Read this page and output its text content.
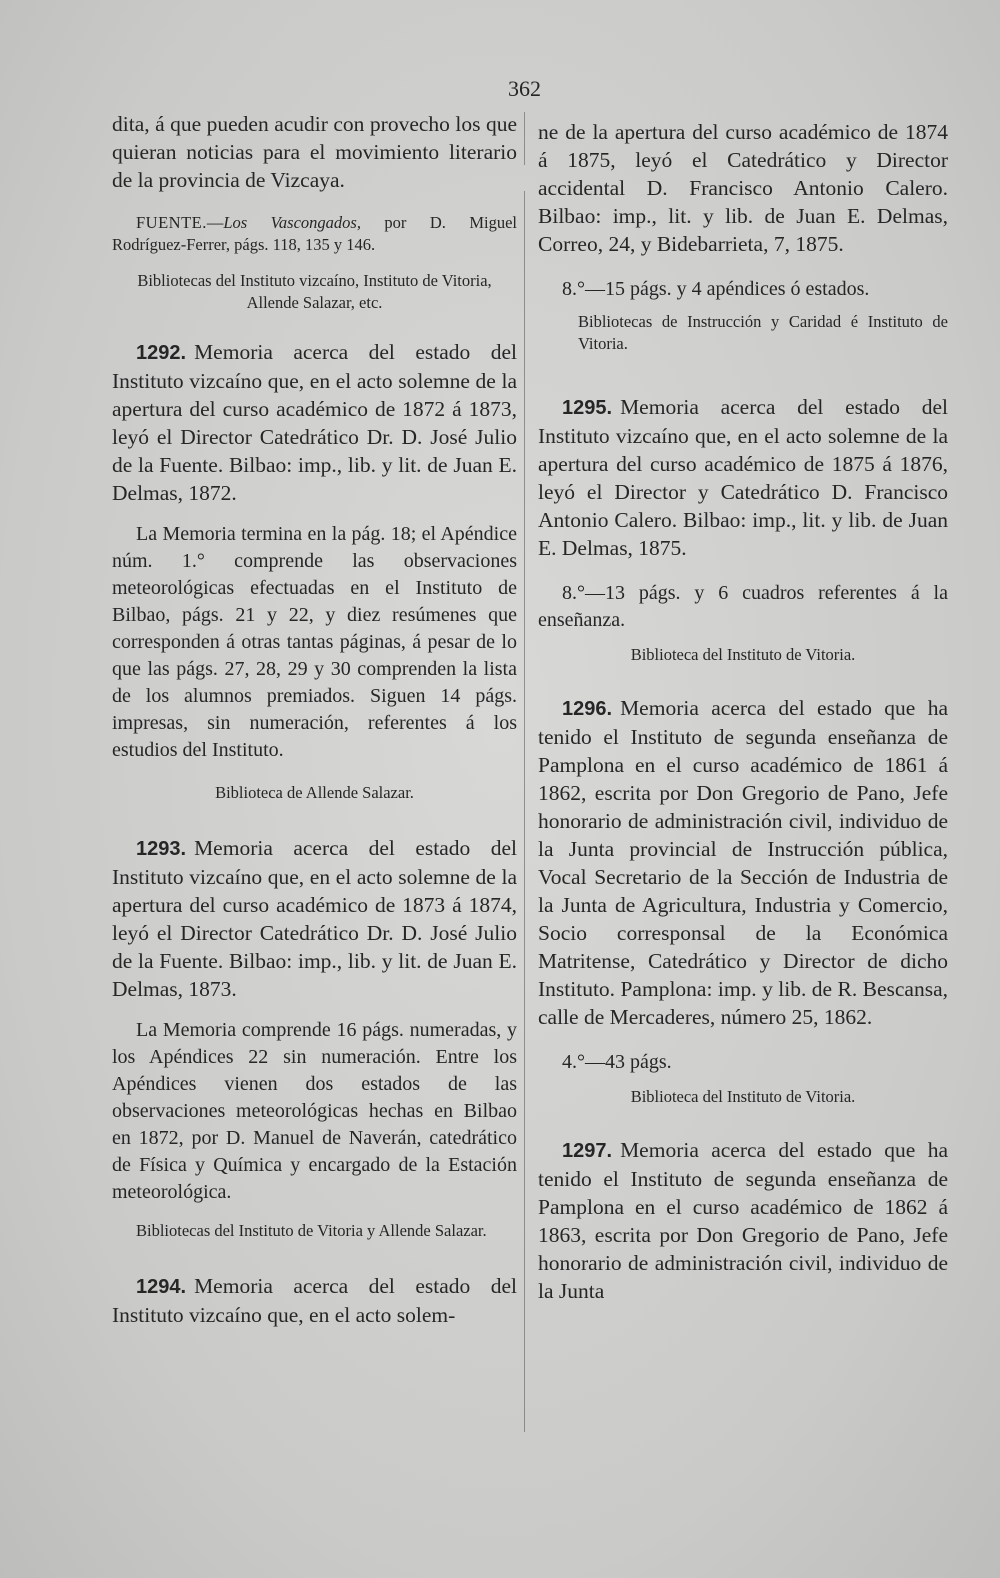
362

dita, á que pueden acudir con provecho los que quieran noticias para el movimiento literario de la provincia de Vizcaya.

FUENTE.—Los Vascongados, por D. Miguel Rodríguez-Ferrer, págs. 118, 135 y 146.

Bibliotecas del Instituto vizcaíno, Instituto de Vitoria, Allende Salazar, etc.

1292. Memoria acerca del estado del Instituto vizcaíno que, en el acto solemne de la apertura del curso académico de 1872 á 1873, leyó el Director Catedrático Dr. D. José Julio de la Fuente. Bilbao: imp., lib. y lit. de Juan E. Delmas, 1872.

La Memoria termina en la pág. 18; el Apéndice núm. 1.° comprende las observaciones meteorológicas efectuadas en el Instituto de Bilbao, págs. 21 y 22, y diez resúmenes que corresponden á otras tantas páginas, á pesar de lo que las págs. 27, 28, 29 y 30 comprenden la lista de los alumnos premiados. Siguen 14 págs. impresas, sin numeración, referentes á los estudios del Instituto.

Biblioteca de Allende Salazar.

1293. Memoria acerca del estado del Instituto vizcaíno que, en el acto solemne de la apertura del curso académico de 1873 á 1874, leyó el Director Catedrático Dr. D. José Julio de la Fuente. Bilbao: imp., lib. y lit. de Juan E. Delmas, 1873.

La Memoria comprende 16 págs. numeradas, y los Apéndices 22 sin numeración. Entre los Apéndices vienen dos estados de las observaciones meteorológicas hechas en Bilbao en 1872, por D. Manuel de Naverán, catedrático de Física y Química y encargado de la Estación meteorológica.

Bibliotecas del Instituto de Vitoria y Allende Salazar.

1294. Memoria acerca del estado del Instituto vizcaíno que, en el acto solem-

ne de la apertura del curso académico de 1874 á 1875, leyó el Catedrático y Director accidental D. Francisco Antonio Calero. Bilbao: imp., lit. y lib. de Juan E. Delmas, Correo, 24, y Bidebarrieta, 7, 1875.

8.°—15 págs. y 4 apéndices ó estados.

Bibliotecas de Instrucción y Caridad é Instituto de Vitoria.

1295. Memoria acerca del estado del Instituto vizcaíno que, en el acto solemne de la apertura del curso académico de 1875 á 1876, leyó el Director y Catedrático D. Francisco Antonio Calero. Bilbao: imp., lit. y lib. de Juan E. Delmas, 1875.

8.°—13 págs. y 6 cuadros referentes á la enseñanza.

Biblioteca del Instituto de Vitoria.

1296. Memoria acerca del estado que ha tenido el Instituto de segunda enseñanza de Pamplona en el curso académico de 1861 á 1862, escrita por Don Gregorio de Pano, Jefe honorario de administración civil, individuo de la Junta provincial de Instrucción pública, Vocal Secretario de la Sección de Industria de la Junta de Agricultura, Industria y Comercio, Socio corresponsal de la Económica Matritense, Catedrático y Director de dicho Instituto. Pamplona: imp. y lib. de R. Bescansa, calle de Mercaderes, número 25, 1862.

4.°—43 págs.

Biblioteca del Instituto de Vitoria.

1297. Memoria acerca del estado que ha tenido el Instituto de segunda enseñanza de Pamplona en el curso académico de 1862 á 1863, escrita por Don Gregorio de Pano, Jefe honorario de administración civil, individuo de la Junta
